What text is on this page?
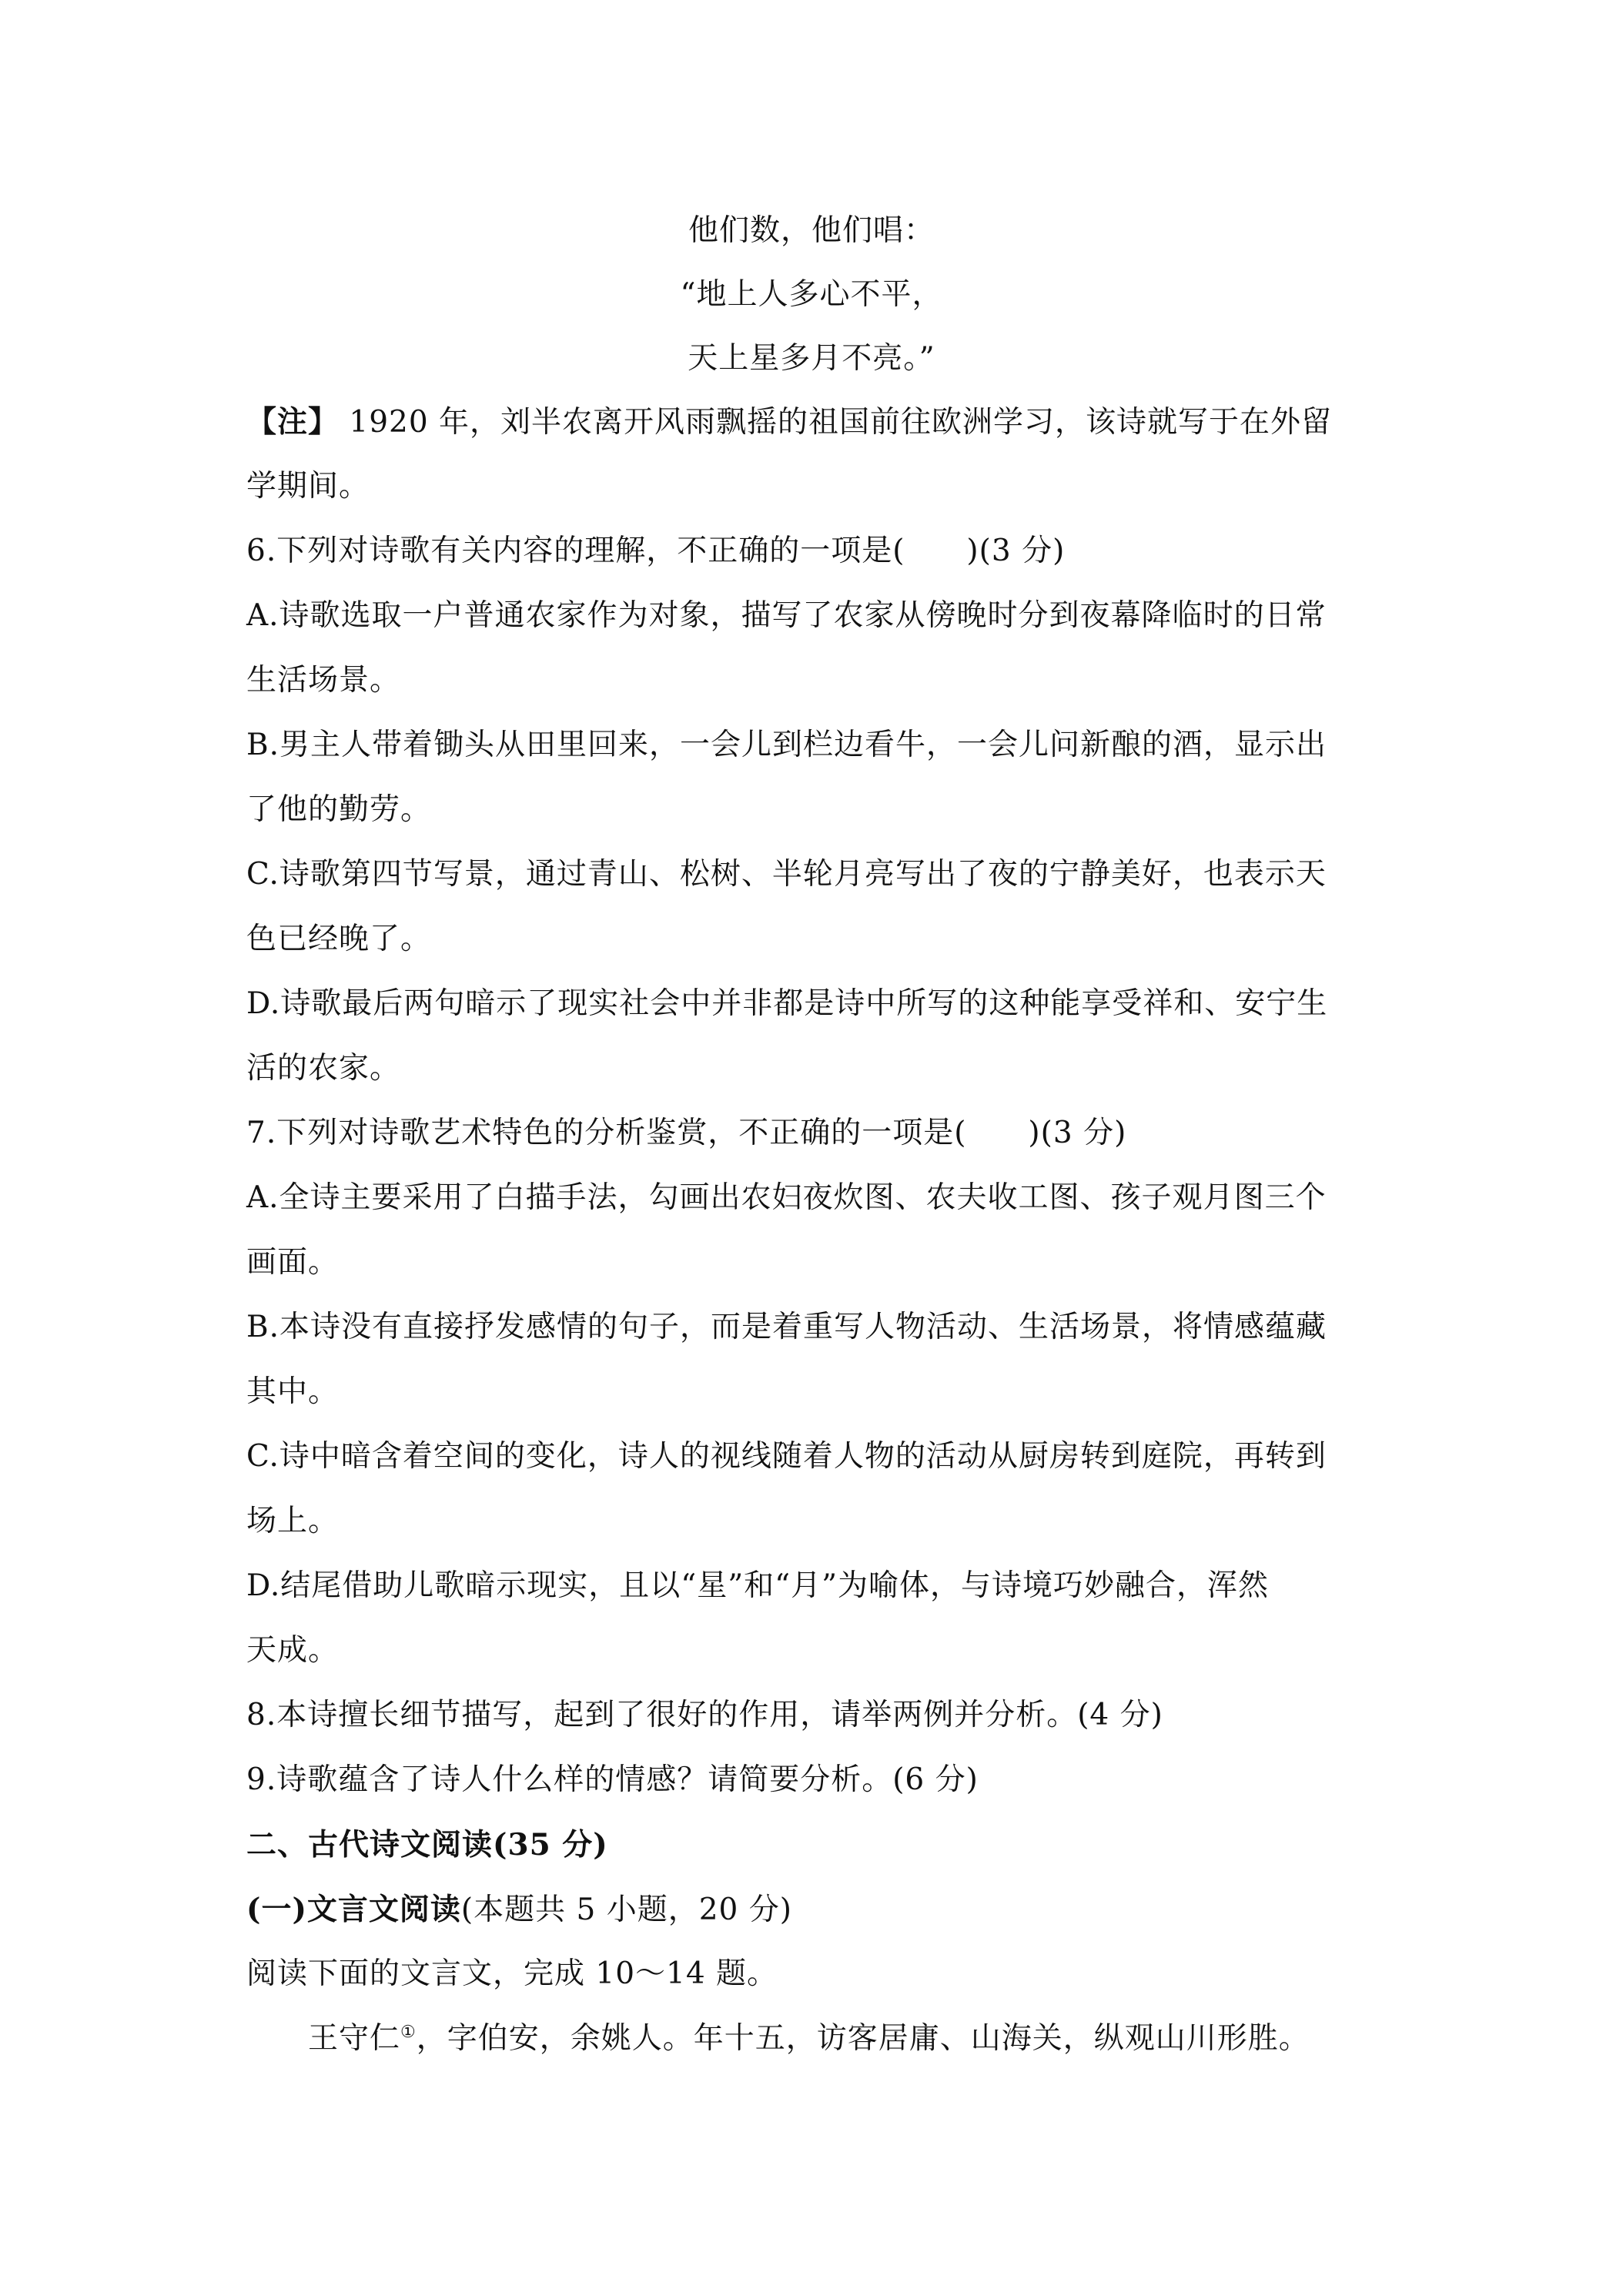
他们数，他们唱：
“地上人多心不平，
天上星多月不亮。”
【注】 1920 年，刘半农离开风雨飘摇的祖国前往欧洲学习，该诗就写于在外留
学期间。
6.下列对诗歌有关内容的理解，不正确的一项是(　　)(3 分)
A.诗歌选取一户普通农家作为对象，描写了农家从傍晚时分到夜幕降临时的日常
生活场景。
B.男主人带着锄头从田里回来，一会儿到栏边看牛，一会儿问新酿的酒，显示出
了他的勤劳。
C.诗歌第四节写景，通过青山、松树、半轮月亮写出了夜的宁静美好，也表示天
色已经晚了。
D.诗歌最后两句暗示了现实社会中并非都是诗中所写的这种能享受祥和、安宁生
活的农家。
7.下列对诗歌艺术特色的分析鉴赏，不正确的一项是(　　)(3 分)
A.全诗主要采用了白描手法，勾画出农妇夜炊图、农夫收工图、孩子观月图三个
画面。
B.本诗没有直接抒发感情的句子，而是着重写人物活动、生活场景，将情感蕴藏
其中。
C.诗中暗含着空间的变化，诗人的视线随着人物的活动从厨房转到庭院，再转到
场上。
D.结尾借助儿歌暗示现实，且以“星”和“月”为喻体，与诗境巧妙融合，浑然
天成。
8.本诗擅长细节描写，起到了很好的作用，请举两例并分析。(4 分)
9.诗歌蕴含了诗人什么样的情感？请简要分析。(6 分)
二、古代诗文阅读(35 分)
(一)文言文阅读(本题共 5 小题，20 分)
阅读下面的文言文，完成 10～14 题。
王守仁①，字伯安，余姚人。年十五，访客居庸、山海关，纵观山川形胜。
